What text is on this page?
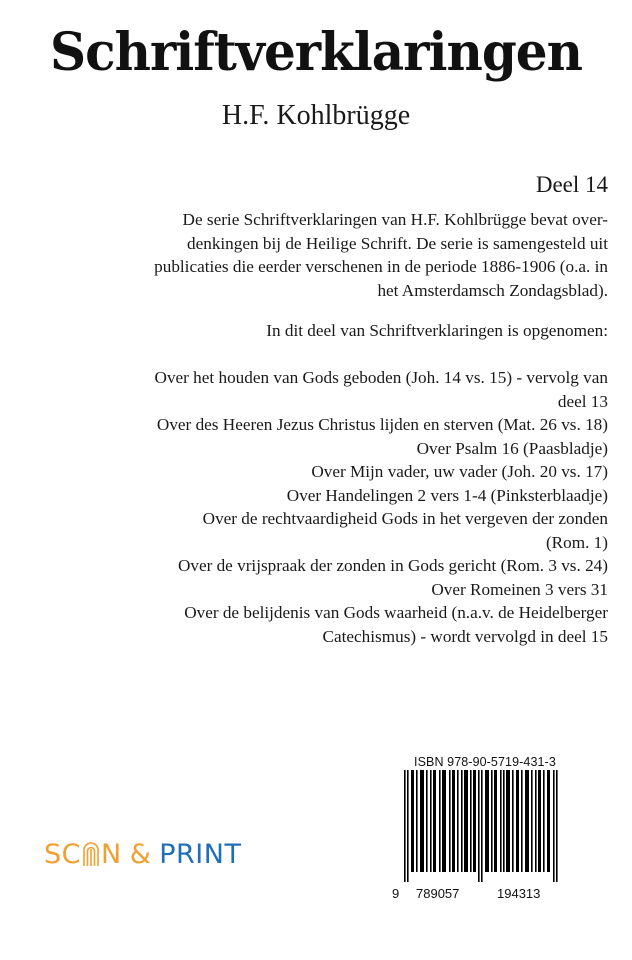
Schriftverklaringen
H.F. Kohlbrügge
Deel 14

De serie Schriftverklaringen van H.F. Kohlbrügge bevat over-

denkingen bij de Heilige Schrift. De serie is samengesteld uit

publicaties die eerder verschenen in de periode 1886-1906 (o.a. in

het Amsterdamsch Zondagsblad).

In dit deel van Schriftverklaringen is opgenomen:
Over het houden van Gods geboden (Joh. 14 vs. 15) - vervolg van
deel 13
Over des Heeren Jezus Christus lijden en sterven (Mat. 26 vs. 18)
Over Psalm 16 (Paasbladje)
Over Mijn vader, uw vader (Joh. 20 vs. 17)
Over Handelingen 2 vers 1-4 (Pinksterblaadje)
Over de rechtvaardigheid Gods in het vergeven der zonden
(Rom. 1)
Over de vrijspraak der zonden in Gods gericht (Rom. 3 vs. 24)
Over Romeinen 3 vers 31
Over de belijdenis van Gods waarheid (n.a.v. de Heidelberger
Catechismus) - wordt vervolgd in deel 15
ISBN 978-90-5719-431-3
9 789057	194313
SC N & PRINT
